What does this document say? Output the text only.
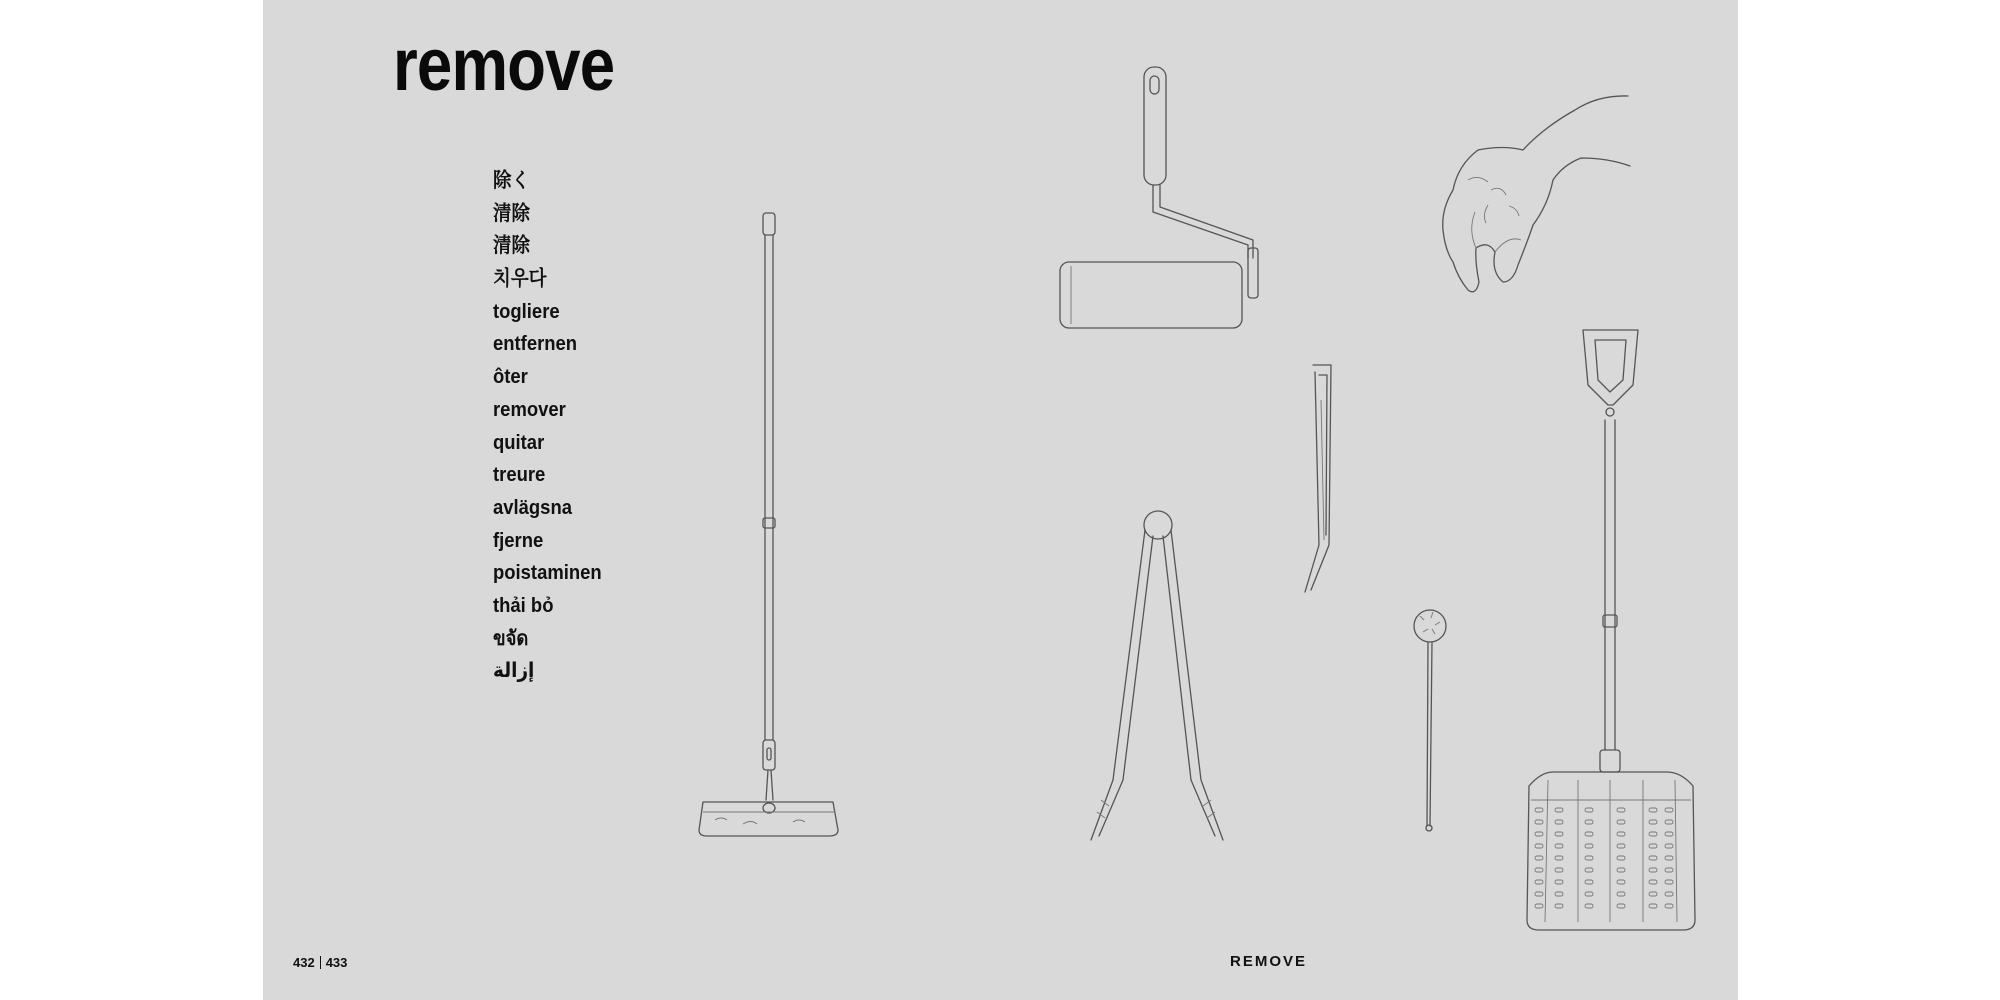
remove
除く
清除
清除
치우다
togliere
entfernen
ôter
remover
quitar
treure
avlägsna
fjerne
poistaminen
thải bỏ
ขจัด
إزالة
432 433	REMOVE
